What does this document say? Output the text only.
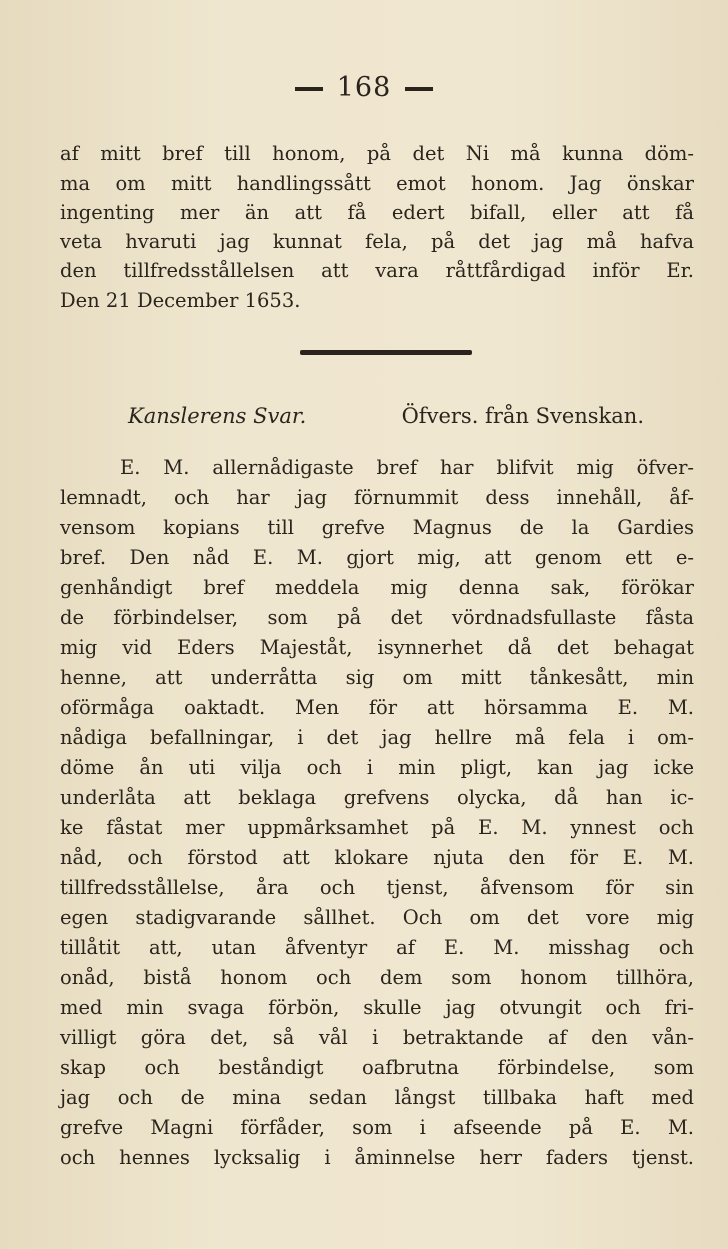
168
af mitt bref till honom, på det Ni må kunna döm-
ma om mitt handlingssått emot honom. Jag önskar
ingenting mer än att få edert bifall, eller att få
veta hvaruti jag kunnat fela, på det jag må hafva
den tillfredsstållelsen att vara råttfårdigad inför Er.
Den 21 December 1653.
Kanslerens Svar.	Öfvers. från Svenskan.
E. M. allernådigaste bref har blifvit mig öfver-
lemnadt, och har jag förnummit dess innehåll, åf-
vensom kopians till grefve Magnus de la Gardies
bref. Den nåd E. M. gjort mig, att genom ett e-
genhåndigt bref meddela mig denna sak, förökar
de förbindelser, som på det vördnadsfullaste fåsta
mig vid Eders Majeståt, isynnerhet då det behagat
henne, att underråtta sig om mitt tånkesått, min
oförmåga oaktadt. Men för att hörsamma E. M.
nådiga befallningar, i det jag hellre må fela i om-
döme ån uti vilja och i min pligt, kan jag icke
underlåta att beklaga grefvens olycka, då han ic-
ke fåstat mer uppmårksamhet på E. M. ynnest och
nåd, och förstod att klokare njuta den för E. M.
tillfredsstållelse, åra och tjenst, åfvensom för sin
egen stadigvarande sållhet. Och om det vore mig
tillåtit att, utan åfventyr af E. M. misshag och
onåd, bistå honom och dem som honom tillhöra,
med min svaga förbön, skulle jag otvungit och fri-
villigt göra det, så vål i betraktande af den vån-
skap och beståndigt oafbrutna förbindelse, som
jag och de mina sedan långst tillbaka haft med
grefve Magni förfåder, som i afseende på E. M.
och hennes lycksalig i åminnelse herr faders tjenst.
